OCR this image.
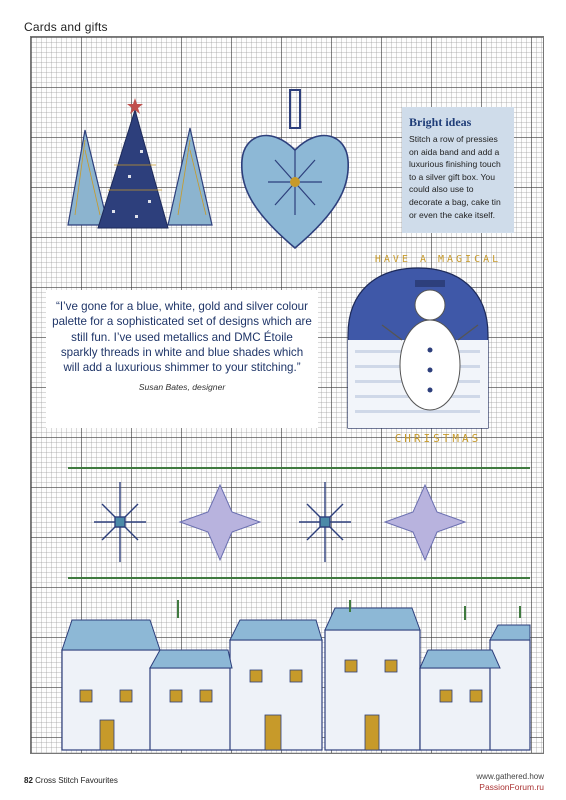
Cards and gifts
HAVE A MAGICAL
CHRISTMAS
Bright ideas

Stitch a row of pressies on aida band and add a luxurious finishing touch to a silver gift box. You could also use to decorate a bag, cake tin or even the cake itself.

“I’ve gone for a blue, white, gold and silver colour palette for a sophisticated set of designs which are still fun. I’ve used metallics and DMC Étoile sparkly threads in white and blue shades which will add a luxurious shimmer to your stitching.”

Susan Bates, designer

82 Cross Stitch Favourites	www.gathered.how
PassionForum.ru
